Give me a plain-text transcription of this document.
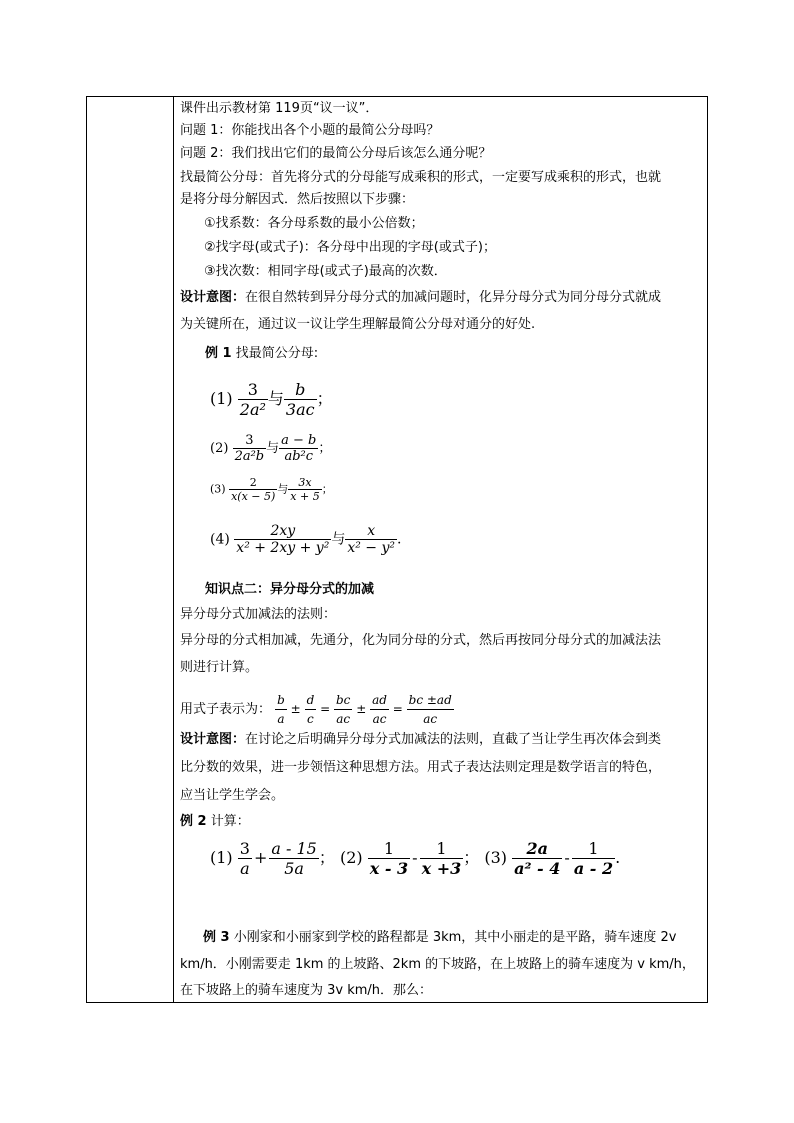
课件出示教材第 119页“议一议”．
问题 1：你能找出各个小题的最简公分母吗？
问题 2：我们找出它们的最简公分母后该怎么通分呢？
找最简公分母：首先将分式的分母能写成乘积的形式，一定要写成乘积的形式，也就
是将分母分解因式．然后按照以下步骤：
①找系数：各分母系数的最小公倍数；
②找字母(或式子)：各分母中出现的字母(或式子)；
③找次数：相同字母(或式子)最高的次数．
设计意图：在很自然转到异分母分式的加减问题时，化异分母分式为同分母分式就成
为关键所在，通过议一议让学生理解最简公分母对通分的好处.
例 1 找最简公分母:
$(1) \frac{3}{\text{2a²}}$ 与 $\frac{b}{3ac}$ ；
$(2) \frac{3}{\text{2a²b}}$ 与 $\frac{a - b}{\text{ab²c}}$ ；
$(3) \frac{2}{x(x - 5)}$ 与 $\frac{3x}{x + 5}$ ；
$(4) \frac{2xy}{\text{x² + 2xy + y²}}$ 与 $\frac{x}{\text{x² − y²}}$ .
知识点二：异分母分式的加减
异分母分式加减法的法则：
异分母的分式相加减，先通分，化为同分母的分式，然后再按同分母分式的加减法法
则进行计算。
用式子表示为： $\frac{b}{a} \pm \frac{d}{c} = \frac{bc}{ac} \pm \frac{ad}{ac} = \frac{bc \pm ad}{ac}$
设计意图：在讨论之后明确异分母分式加减法的法则，直截了当让学生再次体会到类
比分数的效果，进一步领悟这种思想方法。用式子表达法则定理是数学语言的特色，
应当让学生学会。
例 2 计算：
$(1) \frac{3}{a} + \frac{a - 15}{5a}$ ； $(2) \frac{1}{x - 3} - \frac{1}{x +3}$ ； $(3) \frac{2a}{\text{a² - 4}} - \frac{1}{a - 2}$ .
例 3 小刚家和小丽家到学校的路程都是 3km，其中小丽走的是平路，骑车速度 2v
km/h．小刚需要走 1km 的上坡路、2km 的下坡路，在上坡路上的骑车速度为 v km/h，
在下坡路上的骑车速度为 3v km/h．那么：
